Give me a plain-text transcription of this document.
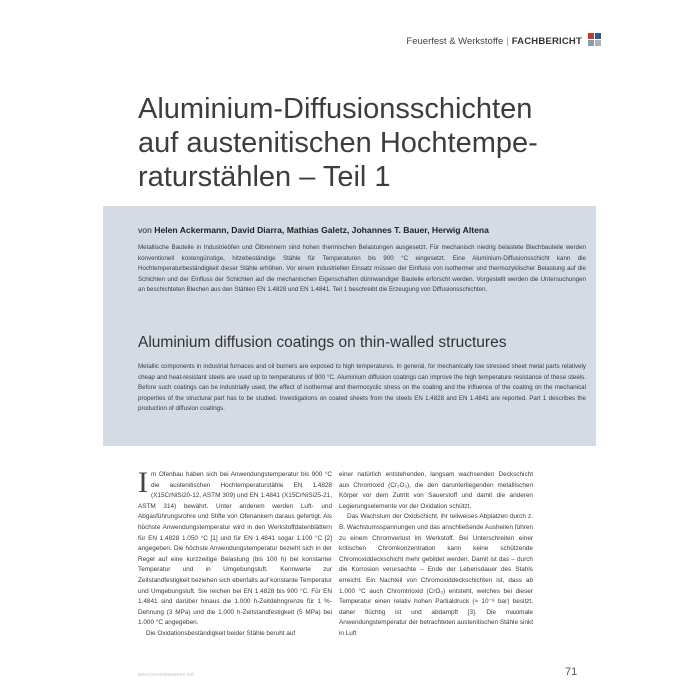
Feuerfest & Werkstoffe | FACHBERICHT
Aluminium-Diffusionsschichten auf austenitischen Hochtemperaturstählen – Teil 1
von Helen Ackermann, David Diarra, Mathias Galetz, Johannes T. Bauer, Herwig Altena

Metallische Bauteile in Industrieöfen und Ölbrennern sind hohen thermischen Belastungen ausgesetzt. Für mechanisch niedrig belastete Blechbauteile werden konventionell kostengünstige, hitzebeständige Stähle für Temperaturen bis 900 °C eingesetzt. Eine Aluminium-Diffusionsschicht kann die Hochtemperaturbeständigkeit dieser Stähle erhöhen. Vor einem industriellen Einsatz müssen der Einfluss von isothermer und thermozyklischer Belastung auf die Schichten und der Einfluss der Schichten auf die mechanischen Eigenschaften dünnwandiger Bauteile erforscht werden. Vorgestellt werden die Untersuchungen an beschichteten Blechen aus den Stählen EN 1.4828 und EN 1.4841. Teil 1 beschreibt die Erzeugung von Diffusionsschichten.

Aluminium diffusion coatings on thin-walled structures

Metallic components in industrial furnaces and oil burners are exposed to high temperatures. In general, for mechanically low stressed sheet metal parts relatively cheap and heat-resistant steels are used up to temperatures of 900 °C. Aluminium diffusion coatings can improve the high temperature resistance of these steels. Before such coatings can be industrially used, the effect of isothermal and thermocyclic stress on the coating and the influence of the coating on the mechanical properties of the structural part has to be studied. Investigations on coated sheets from the steels EN 1.4828 and EN 1.4841 are reported. Part 1 describes the production of diffusion coatings.

Im Ofenbau haben sich bei Anwendungstemperatur bis 900 °C die austenitischen Hochtemperaturstähle EN 1.4828 (X15CrNiSi20-12, ASTM 309) und EN 1.4841 (X15CrNiSi25-21, ASTM 314) bewährt. Unter anderem werden Luft- und Abgasführungsrohre und Stifte von Ofenankern daraus gefertigt. Als höchste Anwendungstemperatur wird in den Werkstoffdatenblättern für EN 1.4828 1.050 °C [1] und für EN 1.4841 sogar 1.100 °C [2] angegeben. Die höchste Anwendungstemperatur bezieht sich in der Regel auf eine kurzzeitige Belastung (bis 100 h) bei konstanter Temperatur und in Umgebungsluft. Kennwerte zur Zeitstandfestigkeit beziehen sich ebenfalls auf konstante Temperatur und Umgebungsluft. Sie reichen bei EN 1.4828 bis 900 °C. Für EN 1.4841 sind darüber hinaus die 1.000 h-Zeitdehngrenze für 1 %-Dehnung (3 MPa) und die 1.000 h-Zeitstandfestigkeit (5 MPa) bei 1.000 °C angegeben.

Die Oxidationsbeständigkeit beider Stähle beruht auf

einer natürlich entstehenden, langsam wachsenden Deckschicht aus Chromoxid (Cr₂O₃), die den darunterliegenden metallischen Körper vor dem Zutritt von Sauerstoff und damit die anderen Legierungselemente vor der Oxidation schützt.

Das Wachstum der Oxidschicht, ihr teilweises Abplatzen durch z. B. Wachstumsspannungen und das anschließende Ausheilen führen zu einem Chromverlust im Werkstoff. Bei Unterschreiten einer kritischen Chromkonzentration kann keine schützende Chromoxiddeckschicht mehr gebildet werden. Damit ist das – durch die Korrosion verursachte – Ende der Lebensdauer des Stahls erreicht. Ein Nachteil von Chromoxiddeckschichten ist, dass ab 1.000 °C auch Chromtrioxid (CrO₃) entsteht, welches bei dieser Temperatur einen relativ hohen Partialdruck (≈ 10⁻⁸ bar) besitzt, daher flüchtig ist und abdampft [3]. Die maximale Anwendungstemperatur der betrachteten austenitischen Stähle sinkt in Luft

www.prozesswaerme.net	71
